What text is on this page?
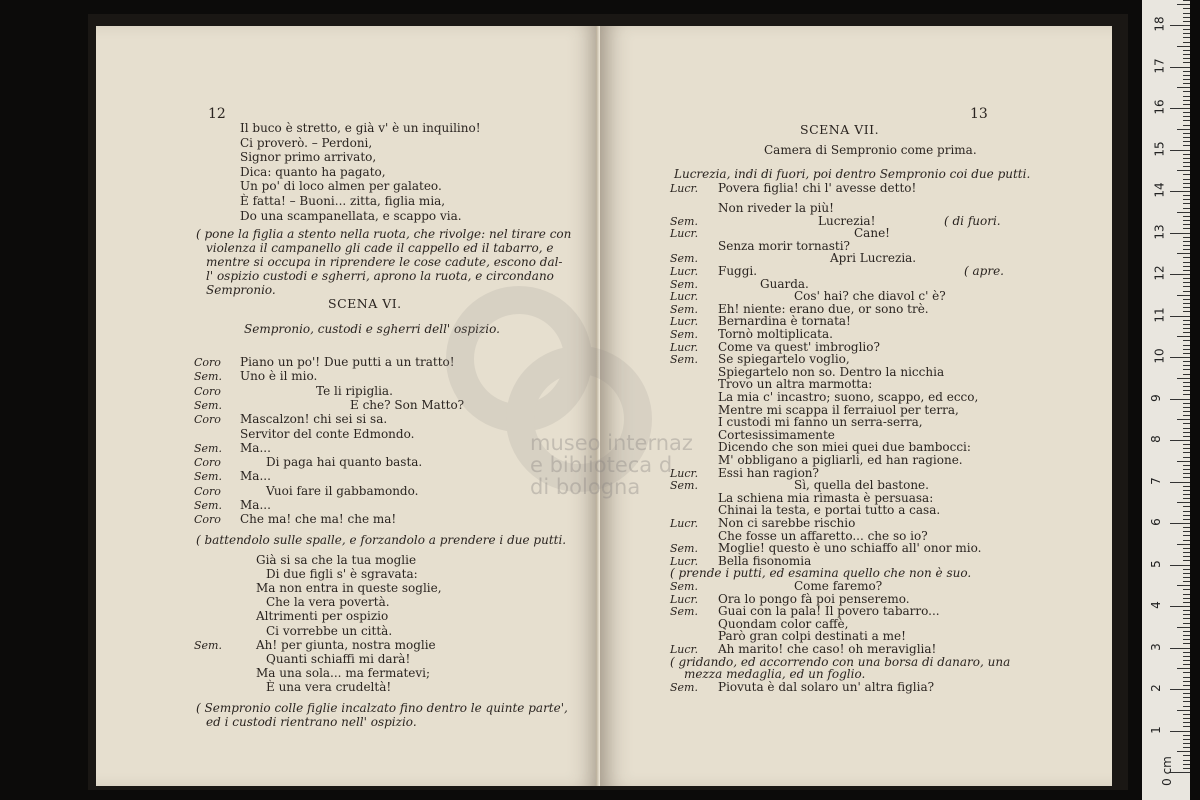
12
Il buco è stretto, e già v' è un inquilino!
Ci proverò. – Perdoni,
Signor primo arrivato,
Dica: quanto ha pagato,
Un po' di loco almen per galateo.
È fatta! – Buoni... zitta, figlia mia,
Do una scampanellata, e scappo via.
( pone la figlia a stento nella ruota, che rivolge: nel tirare con
violenza il campanello gli cade il cappello ed il tabarro, e
mentre si occupa in riprendere le cose cadute, escono dal-
l' ospizio custodi e sgherri, aprono la ruota, e circondano
Sempronio.
SCENA VI.
Sempronio, custodi e sgherri dell' ospizio.
Coro Piano un po'! Due putti a un tratto!
Sem. Uno è il mio.
Coro	Te li ripiglia.
Sem.	E che? Son Matto?
Coro Mascalzon! chi sei si sa.
Servitor del conte Edmondo.
Sem. Ma...
Coro	Di paga hai quanto basta.
Sem. Ma...
Coro	Vuoi fare il gabbamondo.
Sem. Ma...
Coro Che ma! che ma! che ma!
( battendolo sulle spalle, e forzandolo a prendere i due putti.
Già si sa che la tua moglie
Di due figli s' è sgravata:
Ma non entra in queste soglie,
Che la vera povertà.
Altrimenti per ospizio
Ci vorrebbe un città.
Sem.	Ah! per giunta, nostra moglie
Quanti schiaffi mi darà!
Ma una sola... ma fermatevi;
È una vera crudeltà!
( Sempronio colle figlie incalzato fino dentro le quinte parte',
ed i custodi rientrano nell' ospizio.
13
SCENA VII.
Camera di Sempronio come prima.
Lucrezia, indi di fuori, poi dentro Sempronio coi due putti.
Lucr. Povera figlia! chi l' avesse detto!
Non riveder la più!
Sem.	Lucrezia!	( di fuori.
Lucr.	Cane!
Senza morir tornasti?
Sem.	Apri Lucrezia.
Lucr. Fuggi.	( apre.
Sem.	Guarda.
Lucr.	Cos' hai? che diavol c' è?
Sem. Eh! niente: erano due, or sono trè.
Lucr. Bernardina è tornata!
Sem. Tornò moltiplicata.
Lucr. Come va quest' imbroglio?
Sem. Se spiegartelo voglio,
Spiegartelo non so. Dentro la nicchia
Trovo un altra marmotta:
La mia c' incastro; suono, scappo, ed ecco,
Mentre mi scappa il ferraiuol per terra,
I custodi mi fanno un serra-serra,
Cortesissimamente
Dicendo che son miei quei due bambocci:
M' obbligano a pigliarli, ed han ragione.
Lucr. Essi han ragion?
Sem.	Sì, quella del bastone.
La schiena mia rimasta è persuasa:
Chinai la testa, e portai tutto a casa.
Lucr. Non ci sarebbe rischio
Che fosse un affaretto... che so io?
Sem. Moglie! questo è uno schiaffo all' onor mio.
Lucr. Bella fisonomia
( prende i putti, ed esamina quello che non è suo.
Sem.	Come faremo?
Lucr. Ora lo pongo fà poi penseremo.
Sem. Guai con la pala! Il povero tabarro...
Quondam color caffè,
Parò gran colpi destinati a me!
Lucr. Ah marito! che caso! oh meraviglia!
( gridando, ed accorrendo con una borsa di danaro, una
mezza medaglia, ed un foglio.
Sem. Piovuta è dal solaro un' altra figlia?
museo internaz
e biblioteca d
di bologna
0 cm
1
2
3
4
5
6
7
8
9
10
11
12
13
14
15
16
17
18
